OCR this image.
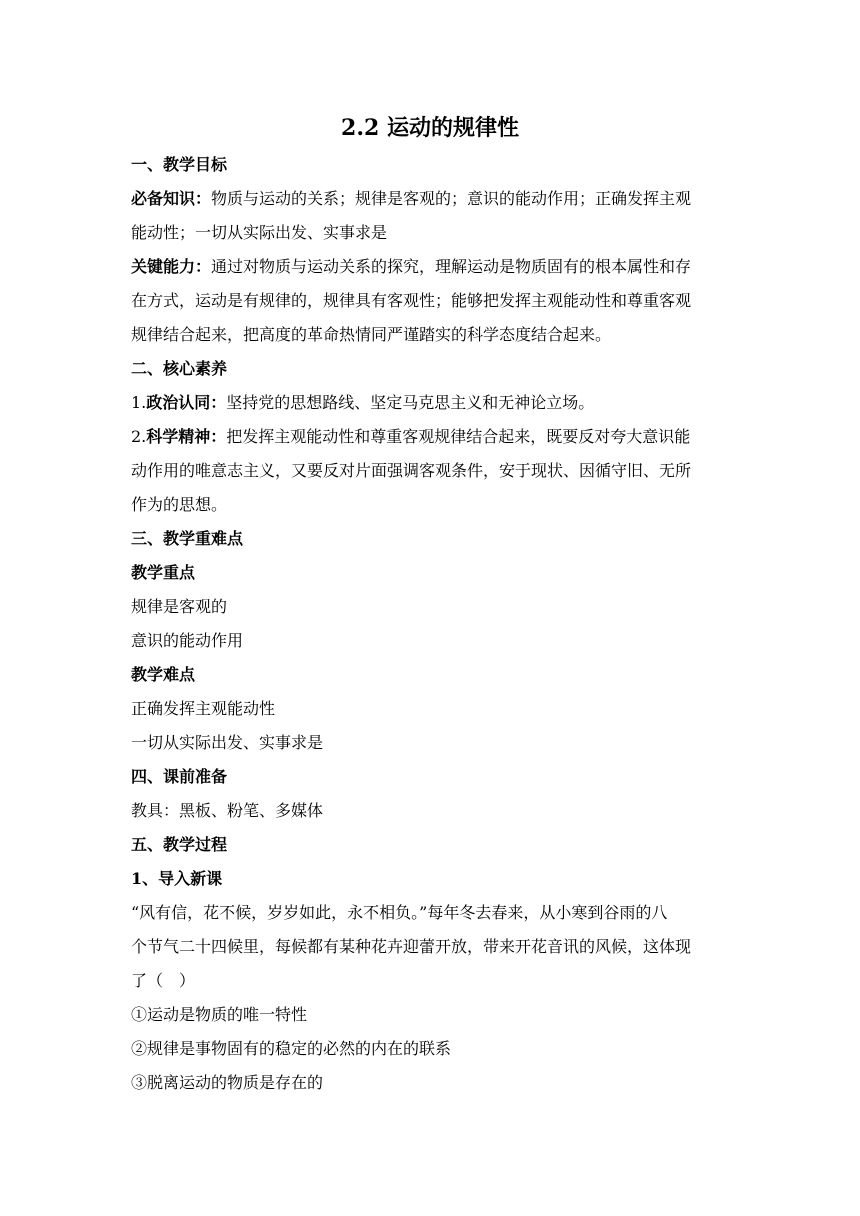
2.2 运动的规律性

一、教学目标

必备知识：物质与运动的关系；规律是客观的；意识的能动作用；正确发挥主观

能动性；一切从实际出发、实事求是

关键能力：通过对物质与运动关系的探究，理解运动是物质固有的根本属性和存

在方式，运动是有规律的，规律具有客观性；能够把发挥主观能动性和尊重客观

规律结合起来，把高度的革命热情同严谨踏实的科学态度结合起来。

二、核心素养

1.政治认同：坚持党的思想路线、坚定马克思主义和无神论立场。

2.科学精神：把发挥主观能动性和尊重客观规律结合起来，既要反对夸大意识能

动作用的唯意志主义，又要反对片面强调客观条件，安于现状、因循守旧、无所

作为的思想。

三、教学重难点

教学重点

规律是客观的

意识的能动作用

教学难点

正确发挥主观能动性

一切从实际出发、实事求是

四、课前准备

教具：黑板、粉笔、多媒体

五、教学过程

1、导入新课

“风有信，花不候，岁岁如此，永不相负。”每年冬去春来，从小寒到谷雨的八

个节气二十四候里，每候都有某种花卉迎蕾开放，带来开花音讯的风候，这体现

了（　）

①运动是物质的唯一特性

②规律是事物固有的稳定的必然的内在的联系

③脱离运动的物质是存在的
